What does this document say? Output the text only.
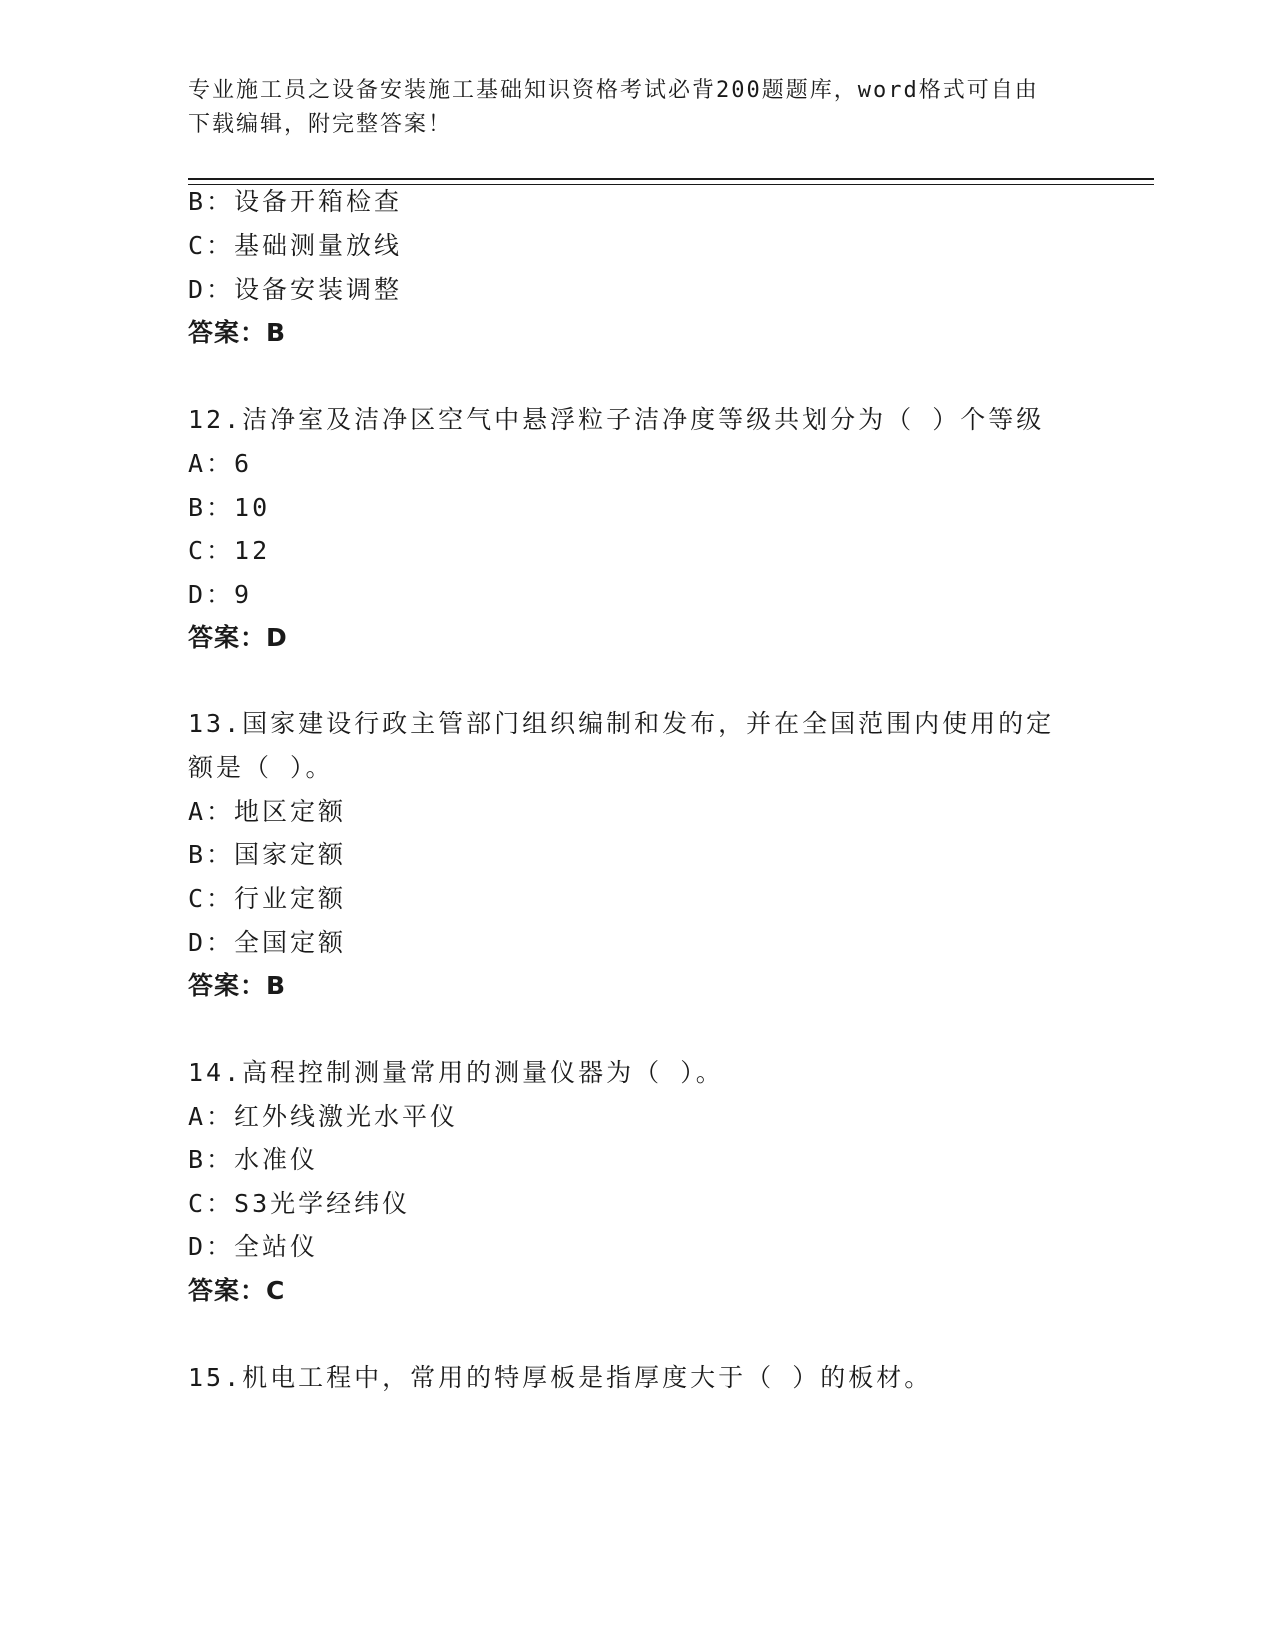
专业施工员之设备安装施工基础知识资格考试必背200题题库，word格式可自由
下载编辑，附完整答案！
B：设备开箱检查
C：基础测量放线
D：设备安装调整
答案：B
12.洁净室及洁净区空气中悬浮粒子洁净度等级共划分为（ ）个等级
A：6
B：10
C：12
D：9
答案：D
13.国家建设行政主管部门组织编制和发布，并在全国范围内使用的定
额是（ ）。
A：地区定额
B：国家定额
C：行业定额
D：全国定额
答案：B
14.高程控制测量常用的测量仪器为（ ）。
A：红外线激光水平仪
B：水准仪
C：S3光学经纬仪
D：全站仪
答案：C
15.机电工程中，常用的特厚板是指厚度大于（ ）的板材。
